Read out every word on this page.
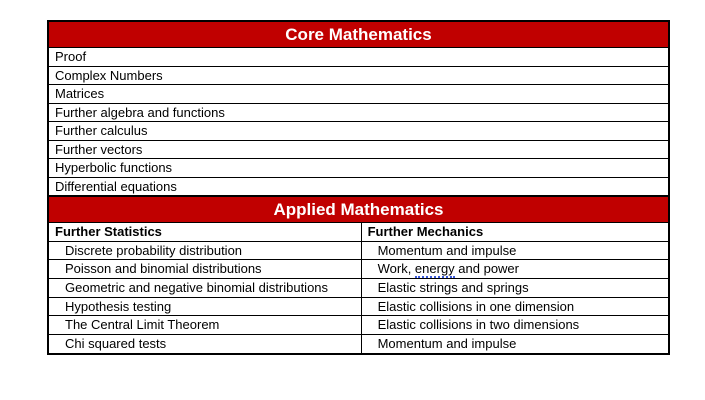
Core Mathematics
Proof
Complex Numbers
Matrices
Further algebra and functions
Further calculus
Further vectors
Hyperbolic functions
Differential equations
Applied Mathematics
Further Statistics	Further Mechanics
Discrete probability distribution	Momentum and impulse
Poisson and binomial distributions	Work, energy and power
Geometric and negative binomial distributions	Elastic strings and springs
Hypothesis testing	Elastic collisions in one dimension
The Central Limit Theorem	Elastic collisions in two dimensions
Chi squared tests	Momentum and impulse
